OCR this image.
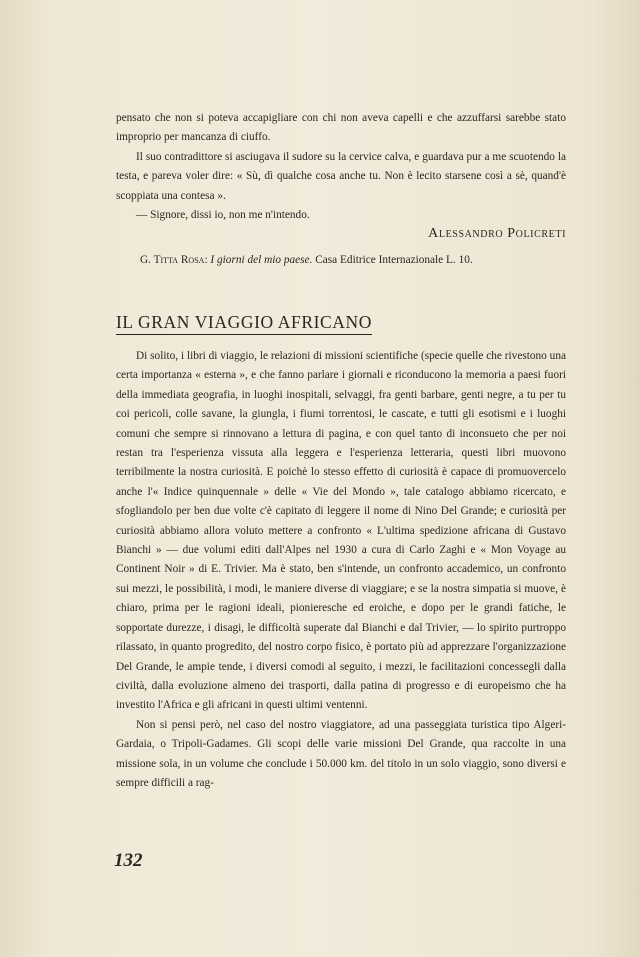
pensato che non si poteva accapigliare con chi non aveva capelli e che azzuffarsi sarebbe stato improprio per mancanza di ciuffo.

Il suo contradittore si asciugava il sudore su la cervice calva, e guardava pur a me scuotendo la testa, e pareva voler dire: « Sù, dì qualche cosa anche tu. Non è lecito starsene così a sè, quand'è scoppiata una contesa ».

— Signore, dissi io, non me n'intendo.

Alessandro Policreti
G. Titta Rosa: I giorni del mio paese. Casa Editrice Internazionale L. 10.
IL GRAN VIAGGIO AFRICANO

Di solito, i libri di viaggio, le relazioni di missioni scientifiche (specie quelle che rivestono una certa importanza « esterna », e che fanno parlare i giornali e riconducono la memoria a paesi fuori della immediata geografia, in luoghi inospitali, selvaggi, fra genti barbare, genti negre, a tu per tu coi pericoli, colle savane, la giungla, i fiumi torrentosi, le cascate, e tutti gli esotismi e i luoghi comuni che sempre si rinnovano a lettura di pagina, e con quel tanto di inconsueto che per noi restan tra l'esperienza vissuta alla leggera e l'esperienza letteraria, questi libri muovono terribilmente la nostra curiosità. E poichè lo stesso effetto di curiosità è capace di promuovercelo anche l'« Indice quinquennale » delle « Vie del Mondo », tale catalogo abbiamo ricercato, e sfogliandolo per ben due volte c'è capitato di leggere il nome di Nino Del Grande; e curiosità per curiosità abbiamo allora voluto mettere a confronto « L'ultima spedizione africana di Gustavo Bianchi » — due volumi editi dall'Alpes nel 1930 a cura di Carlo Zaghi e « Mon Voyage au Continent Noir » di E. Trivier. Ma è stato, ben s'intende, un confronto accademico, un confronto sui mezzi, le possibilità, i modi, le maniere diverse di viaggiare; e se la nostra simpatia si muove, è chiaro, prima per le ragioni ideali, pionieresche ed eroiche, e dopo per le grandi fatiche, le sopportate durezze, i disagi, le difficoltà superate dal Bianchi e dal Trivier, — lo spirito purtroppo rilassato, in quanto progredito, del nostro corpo fisico, è portato più ad apprezzare l'organizzazione Del Grande, le ampie tende, i diversi comodi al seguito, i mezzi, le facilitazioni concessegli dalla civiltà, dalla evoluzione almeno dei trasporti, dalla patina di progresso e di europeismo che ha investito l'Africa e gli africani in questi ultimi ventenni.

Non si pensi però, nel caso del nostro viaggiatore, ad una passeggiata turistica tipo Algeri-Gardaia, o Tripoli-Gadames. Gli scopi delle varie missioni Del Grande, qua raccolte in una missione sola, in un volume che conclude i 50.000 km. del titolo in un solo viaggio, sono diversi e sempre difficili a rag-

132
